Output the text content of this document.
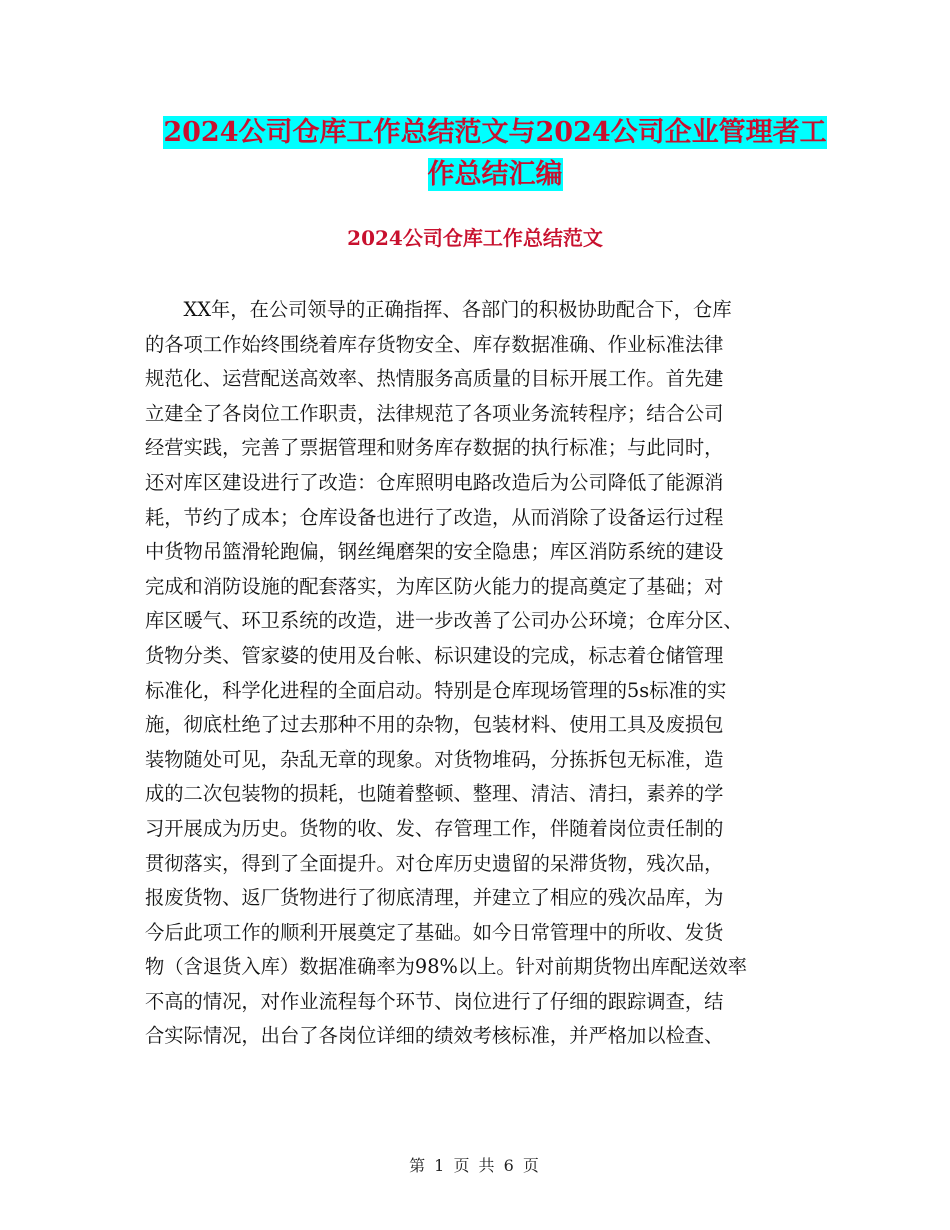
2024公司仓库工作总结范文与2024公司企业管理者工
作总结汇编
2024公司仓库工作总结范文
　　XX年，在公司领导的正确指挥、各部门的积极协助配合下，仓库
的各项工作始终围绕着库存货物安全、库存数据准确、作业标准法律
规范化、运营配送高效率、热情服务高质量的目标开展工作。首先建
立建全了各岗位工作职责，法律规范了各项业务流转程序；结合公司
经营实践，完善了票据管理和财务库存数据的执行标准；与此同时，
还对库区建设进行了改造：仓库照明电路改造后为公司降低了能源消
耗，节约了成本；仓库设备也进行了改造，从而消除了设备运行过程
中货物吊篮滑轮跑偏，钢丝绳磨架的安全隐患；库区消防系统的建设
完成和消防设施的配套落实，为库区防火能力的提高奠定了基础；对
库区暖气、环卫系统的改造，进一步改善了公司办公环境；仓库分区、
货物分类、管家婆的使用及台帐、标识建设的完成，标志着仓储管理
标准化，科学化进程的全面启动。特别是仓库现场管理的5s标准的实
施，彻底杜绝了过去那种不用的杂物，包装材料、使用工具及废损包
装物随处可见，杂乱无章的现象。对货物堆码，分拣拆包无标准，造
成的二次包装物的损耗，也随着整顿、整理、清洁、清扫，素养的学
习开展成为历史。货物的收、发、存管理工作，伴随着岗位责任制的
贯彻落实，得到了全面提升。对仓库历史遗留的呆滞货物，残次品，
报废货物、返厂货物进行了彻底清理，并建立了相应的残次品库，为
今后此项工作的顺利开展奠定了基础。如今日常管理中的所收、发货
物（含退货入库）数据准确率为98%以上。针对前期货物出库配送效率
不高的情况，对作业流程每个环节、岗位进行了仔细的跟踪调查，结
合实际情况，出台了各岗位详细的绩效考核标准，并严格加以检查、
第 1 页 共 6 页
